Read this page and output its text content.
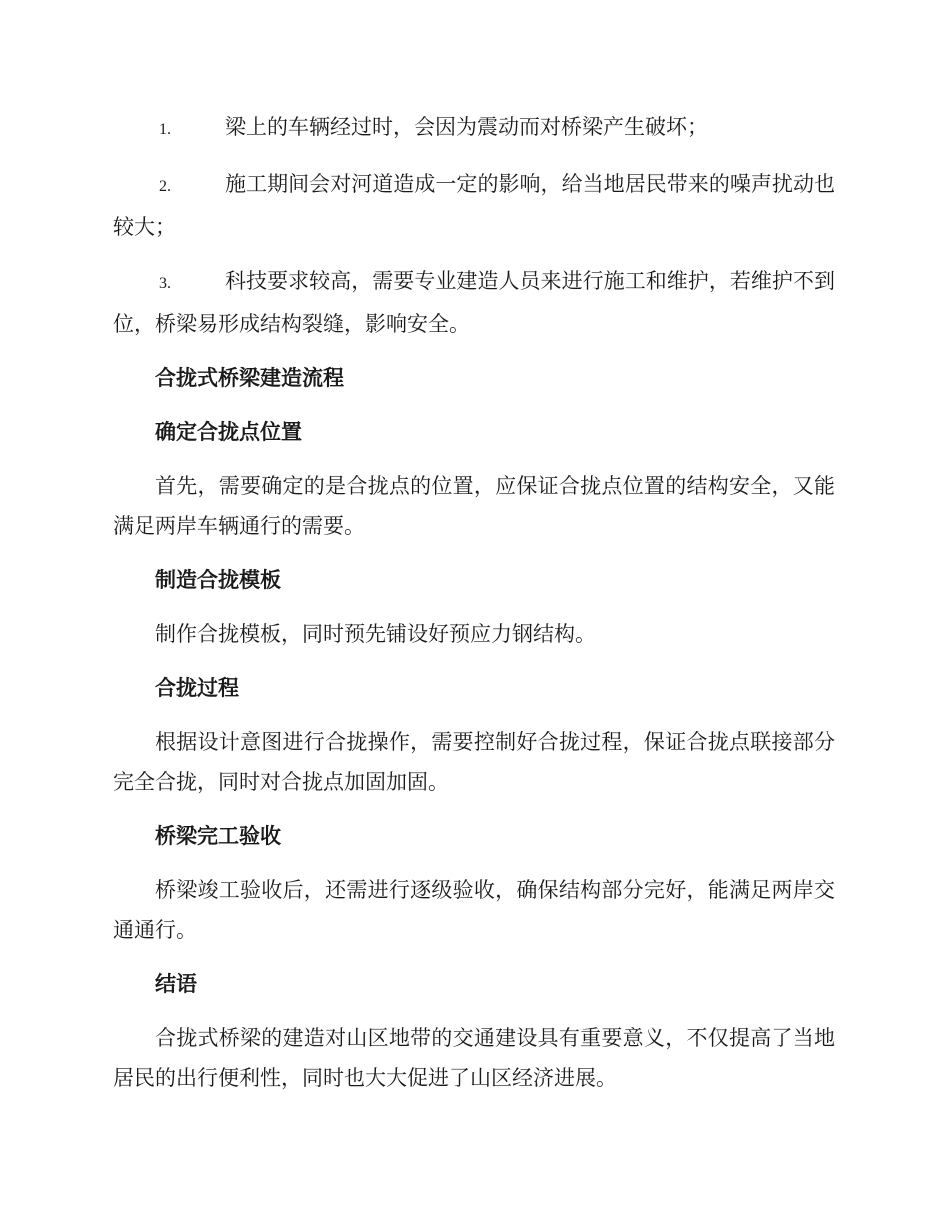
1.	梁上的车辆经过时，会因为震动而对桥梁产生破坏；
2.	施工期间会对河道造成一定的影响，给当地居民带来的噪声扰动也较大；
3.	科技要求较高，需要专业建造人员来进行施工和维护，若维护不到位，桥梁易形成结构裂缝，影响安全。
合拢式桥梁建造流程
确定合拢点位置

首先，需要确定的是合拢点的位置，应保证合拢点位置的结构安全，又能满足两岸车辆通行的需要。

制造合拢模板

制作合拢模板，同时预先铺设好预应力钢结构。

合拢过程

根据设计意图进行合拢操作，需要控制好合拢过程，保证合拢点联接部分完全合拢，同时对合拢点加固加固。

桥梁完工验收

桥梁竣工验收后，还需进行逐级验收，确保结构部分完好，能满足两岸交通通行。

结语

合拢式桥梁的建造对山区地带的交通建设具有重要意义，不仅提高了当地居民的出行便利性，同时也大大促进了山区经济进展。
